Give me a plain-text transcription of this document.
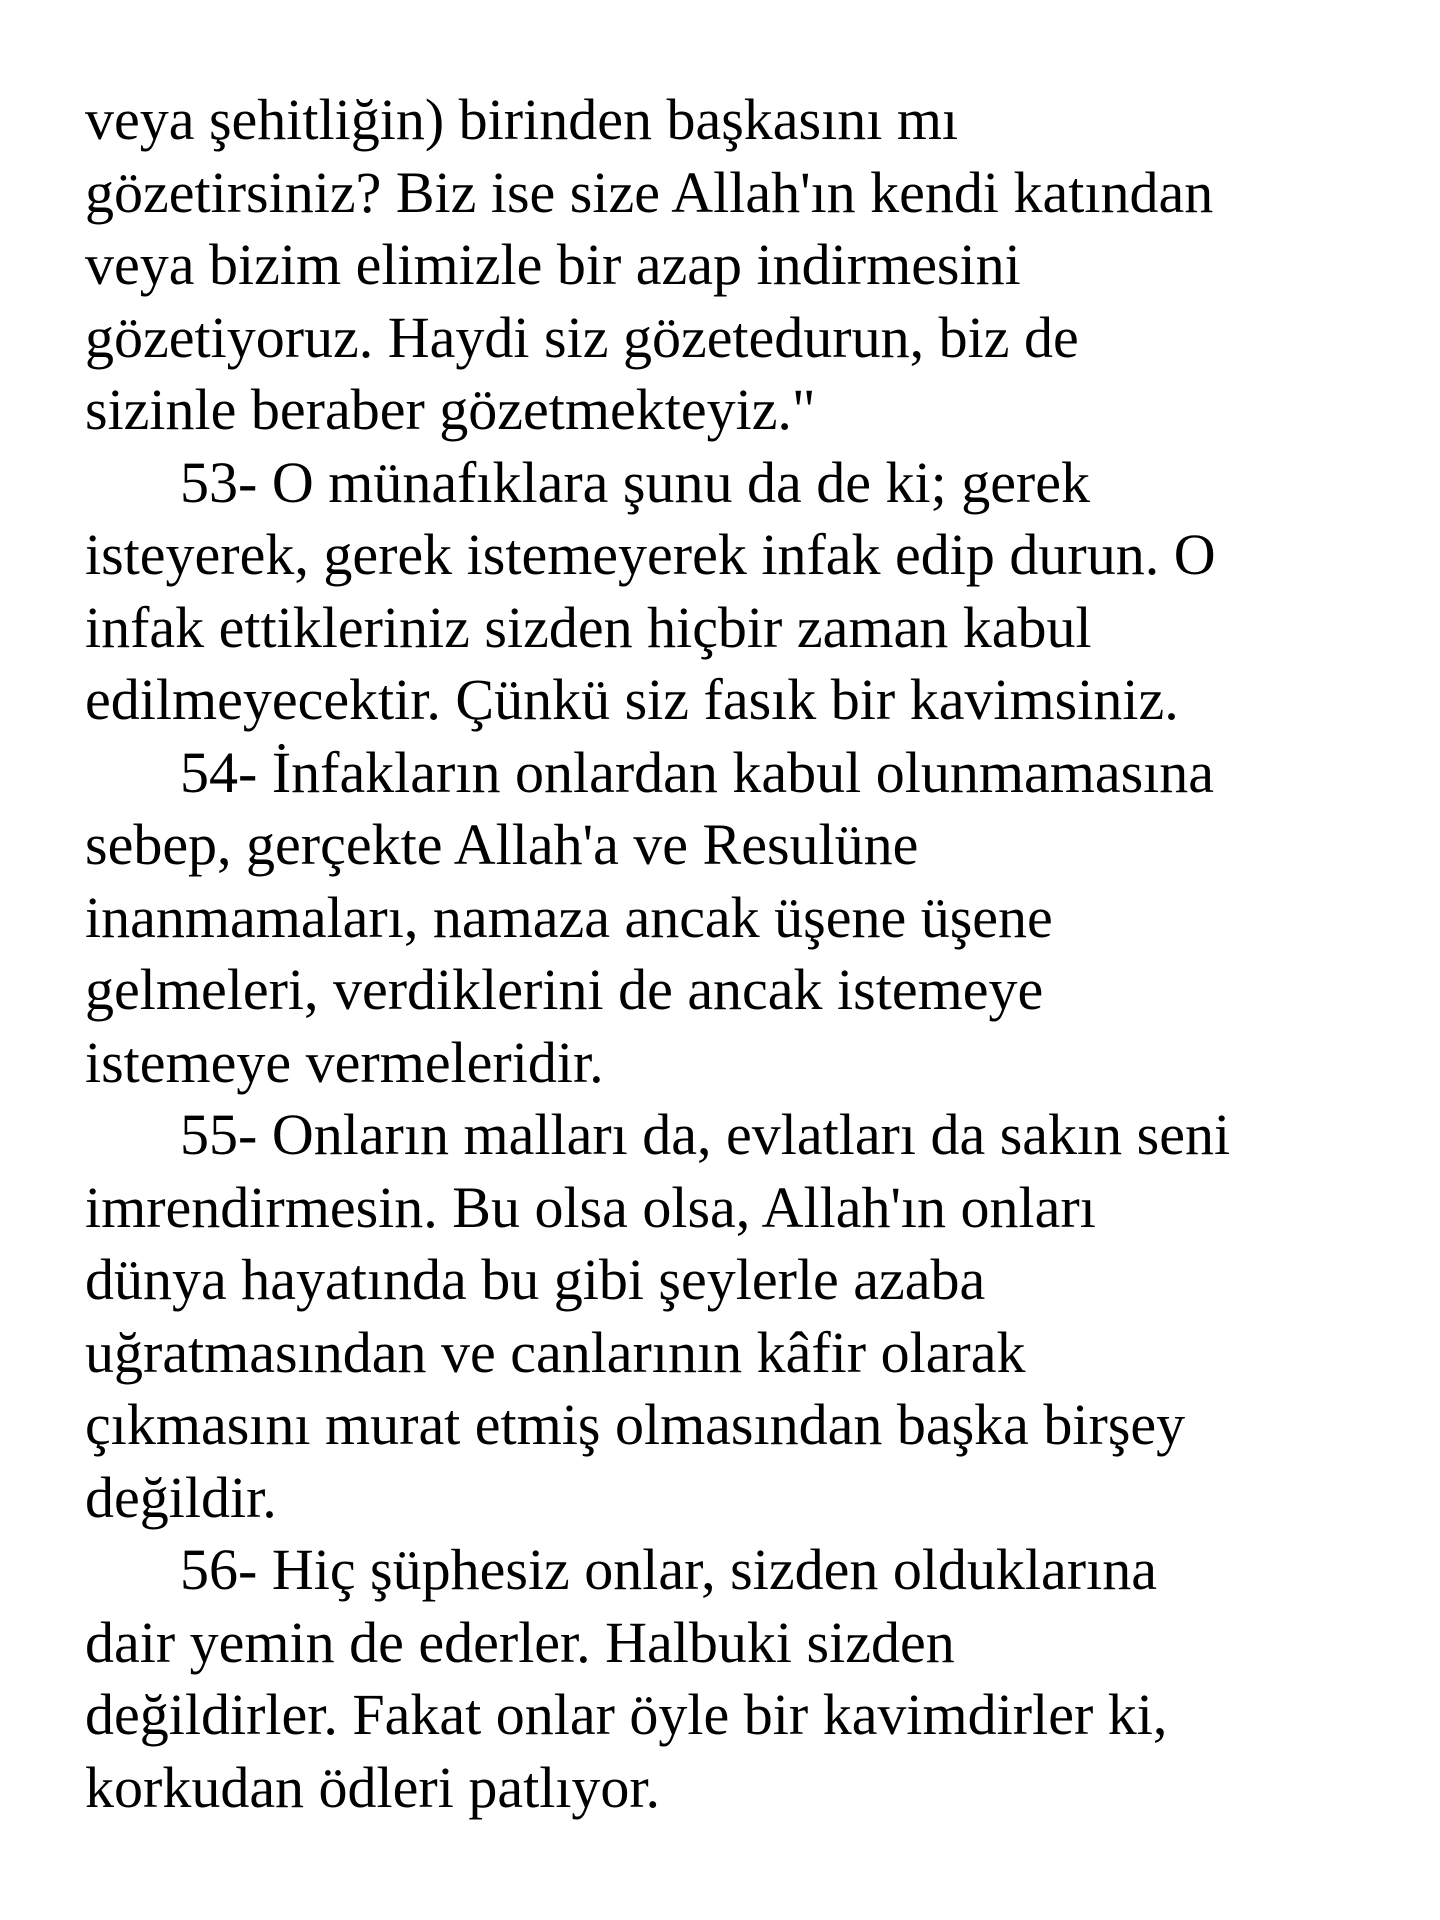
veya şehitliğin) birinden başkasını mı
gözetirsiniz? Biz ise size Allah'ın kendi katından
veya bizim elimizle bir azap indirmesini
gözetiyoruz. Haydi siz gözetedurun, biz de
sizinle beraber gözetmekteyiz."
53- O münafıklara şunu da de ki; gerek
isteyerek, gerek istemeyerek infak edip durun. O
infak ettikleriniz sizden hiçbir zaman kabul
edilmeyecektir. Çünkü siz fasık bir kavimsiniz.
54- İnfakların onlardan kabul olunmamasına
sebep, gerçekte Allah'a ve Resulüne
inanmamaları, namaza ancak üşene üşene
gelmeleri, verdiklerini de ancak istemeye
istemeye vermeleridir.
55- Onların malları da, evlatları da sakın seni
imrendirmesin. Bu olsa olsa, Allah'ın onları
dünya hayatında bu gibi şeylerle azaba
uğratmasından ve canlarının kâfir olarak
çıkmasını murat etmiş olmasından başka birşey
değildir.
56- Hiç şüphesiz onlar, sizden olduklarına
dair yemin de ederler. Halbuki sizden
değildirler. Fakat onlar öyle bir kavimdirler ki,
korkudan ödleri patlıyor.
